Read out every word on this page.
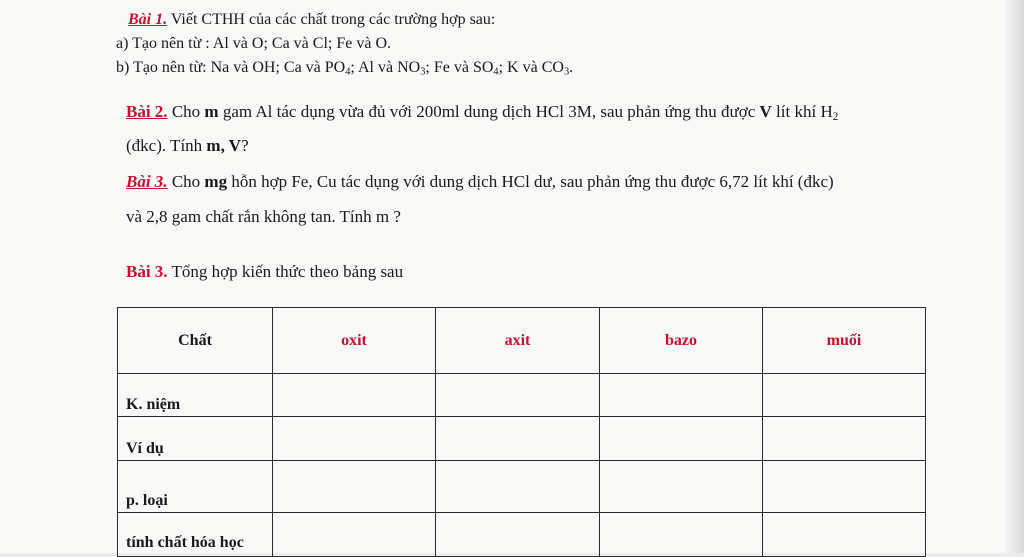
Bài 1. Viết CTHH của các chất trong các trường hợp sau:
a) Tạo nên từ : Al và O; Ca và Cl; Fe và O.
b) Tạo nên từ: Na và OH; Ca và $PO_4$; Al và $NO_3$; Fe và $SO_4$; K và $CO_3$.
Bài 2. Cho m gam Al tác dụng vừa đủ với 200ml dung dịch HCl 3M, sau phản ứng thu được V lít khí $H_2$
(đkc). Tính m, V?
Bài 3. Cho mg hỗn hợp Fe, Cu tác dụng với dung dịch HCl dư, sau phản ứng thu được 6,72 lít khí (đkc)
và 2,8 gam chất rắn không tan. Tính m ?
Bài 3. Tổng hợp kiến thức theo bảng sau
Chất	oxit	axit	bazo	muối
K. niệm				
Ví dụ				
p. loại				
tính chất hóa học				
